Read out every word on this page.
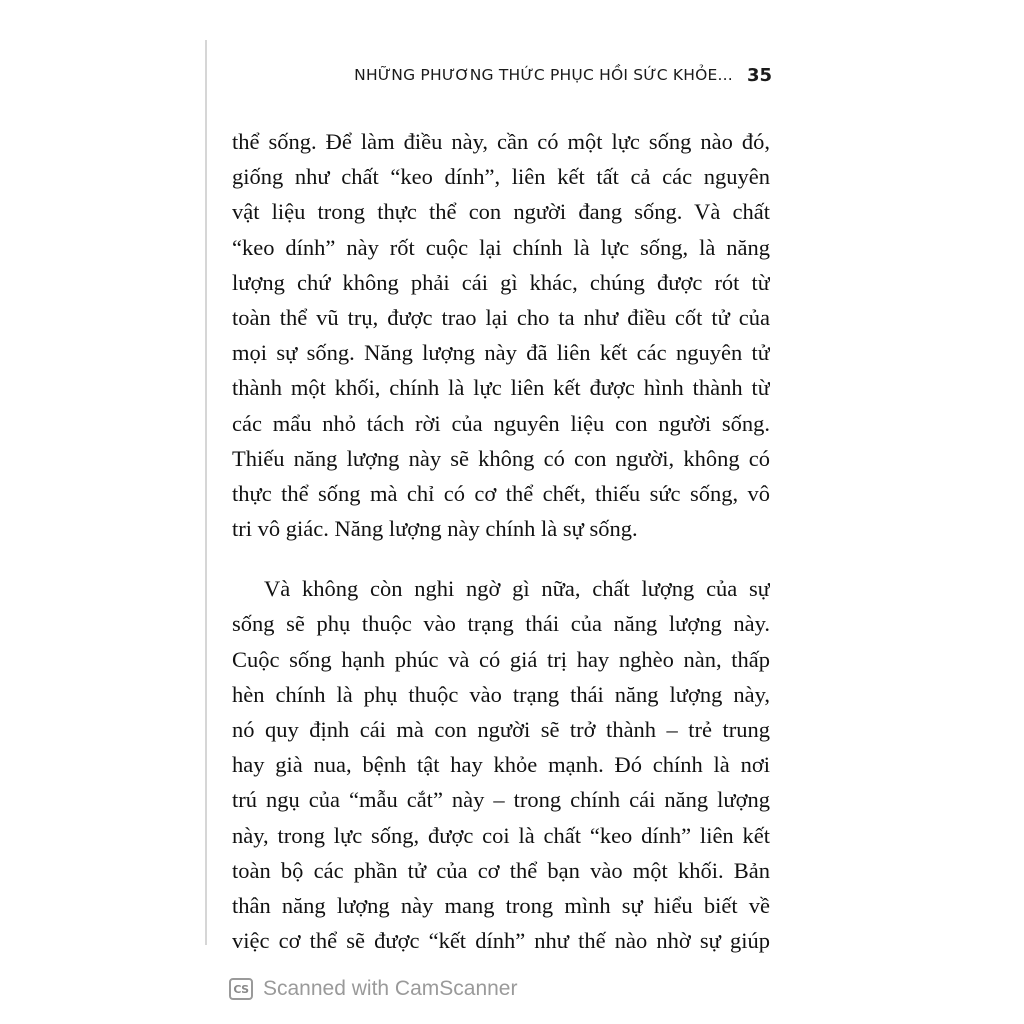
NHỮNG PHƯƠNG THỨC PHỤC HỒI SỨC KHỎE... 35
thể sống. Để làm điều này, cần có một lực sống nào đó,
giống như chất “keo dính”, liên kết tất cả các nguyên
vật liệu trong thực thể con người đang sống. Và chất
“keo dính” này rốt cuộc lại chính là lực sống, là năng
lượng chứ không phải cái gì khác, chúng được rót từ
toàn thể vũ trụ, được trao lại cho ta như điều cốt tử của
mọi sự sống. Năng lượng này đã liên kết các nguyên tử
thành một khối, chính là lực liên kết được hình thành từ
các mẩu nhỏ tách rời của nguyên liệu con người sống.
Thiếu năng lượng này sẽ không có con người, không có
thực thể sống mà chỉ có cơ thể chết, thiếu sức sống, vô
tri vô giác. Năng lượng này chính là sự sống.
Và không còn nghi ngờ gì nữa, chất lượng của sự
sống sẽ phụ thuộc vào trạng thái của năng lượng này.
Cuộc sống hạnh phúc và có giá trị hay nghèo nàn, thấp
hèn chính là phụ thuộc vào trạng thái năng lượng này,
nó quy định cái mà con người sẽ trở thành – trẻ trung
hay già nua, bệnh tật hay khỏe mạnh. Đó chính là nơi
trú ngụ của “mẫu cắt” này – trong chính cái năng lượng
này, trong lực sống, được coi là chất “keo dính” liên kết
toàn bộ các phần tử của cơ thể bạn vào một khối. Bản
thân năng lượng này mang trong mình sự hiểu biết về
việc cơ thể sẽ được “kết dính” như thế nào nhờ sự giúp
CS Scanned with CamScanner
